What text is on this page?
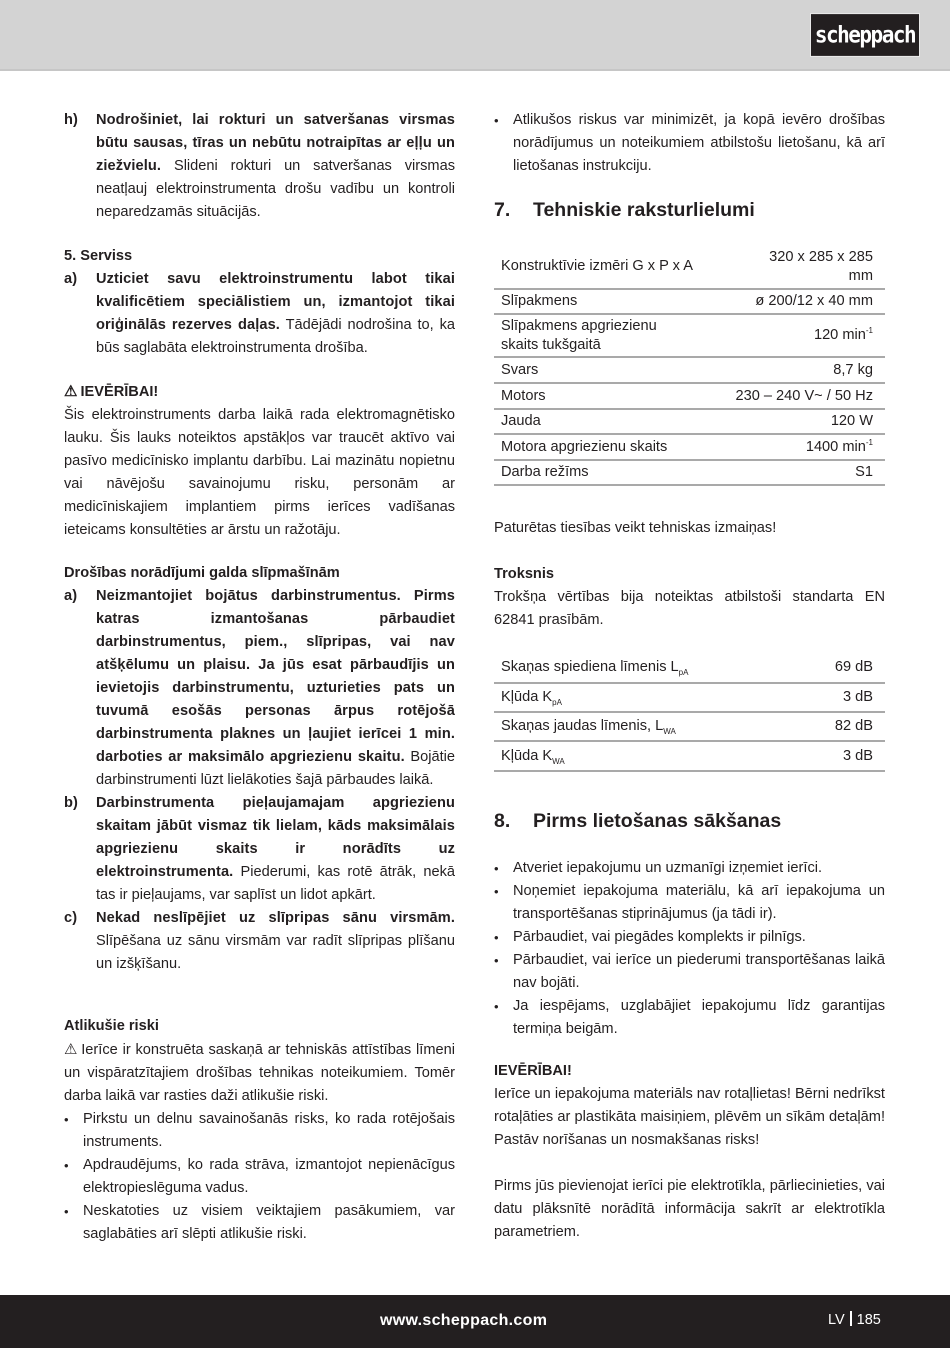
scheppach
h) Nodrošiniet, lai rokturi un satveršanas virsmas būtu sausas, tīras un nebūtu notraipītas ar eļļu un ziežvielu. Slideni rokturi un satveršanas virsmas neatļauj elektroinstrumenta drošu vadību un kontroli neparedzamās situācijās.
5. Serviss
a) Uzticiet savu elektroinstrumentu labot tikai kvalificētiem speciālistiem un, izmantojot tikai oriģinālās rezerves daļas. Tādējādi nodrošina to, ka būs saglabāta elektroinstrumenta drošība.
⚠ IEVĒRĪBAI!
Šis elektroinstruments darba laikā rada elektromagnētisko lauku. Šis lauks noteiktos apstākļos var traucēt aktīvo vai pasīvo medicīnisko implantu darbību. Lai mazinātu nopietnu vai nāvējošu savainojumu risku, personām ar medicīniskajiem implantiem pirms ierīces vadīšanas ieteicams konsultēties ar ārstu un ražotāju.
Drošības norādījumi galda slīpmašīnām
a) Neizmantojiet bojātus darbinstrumentus. Pirms katras izmantošanas pārbaudiet darbinstrumentus, piem., slīpripas, vai nav atšķēlumu un plaisu. Ja jūs esat pārbaudījis un ievietojis darbinstrumentu, uzturieties pats un tuvumā esošās personas ārpus rotējošā darbinstrumenta plaknes un ļaujiet ierīcei 1 min. darboties ar maksimālo apgriezienu skaitu. Bojātie darbinstrumenti lūzt lielākoties šajā pārbaudes laikā.
b) Darbinstrumenta pieļaujamajam apgriezienu skaitam jābūt vismaz tik lielam, kāds maksimālais apgriezienu skaits ir norādīts uz elektroinstrumenta. Piederumi, kas rotē ātrāk, nekā tas ir pieļaujams, var saplīst un lidot apkārt.
c) Nekad neslīpējiet uz slīpripas sānu virsmām. Slīpēšana uz sānu virsmām var radīt slīpripas plīšanu un izšķīšanu.
Atlikušie riski
⚠ Ierīce ir konstruēta saskaņā ar tehniskās attīstības līmeni un vispāratzītajiem drošības tehnikas noteikumiem. Tomēr darba laikā var rasties daži atlikušie riski.
• Pirkstu un delnu savainošanās risks, ko rada rotējošais instruments.
• Apdraudējums, ko rada strāva, izmantojot nepienācīgus elektropieslēguma vadus.
• Neskatoties uz visiem veiktajiem pasākumiem, var saglabāties arī slēpti atlikušie riski.
• Atlikušos riskus var minimizēt, ja kopā ievēro drošības norādījumus un noteikumiem atbilstošu lietošanu, kā arī lietošanas instrukciju.
7. Tehniskie raksturlielumi
Konstruktīvie izmēri G x P x A	320 x 285 x 285
mm
Slīpakmens	ø 200/12 x 40 mm
Slīpakmens apgriezienu
skaits tukšgaitā	120 $\min^{-1}$
Svars	8,7 kg
Motors	230 – 240 V~ / 50 Hz
Jauda	120 W
Motora apgriezienu skaits	1400 $\min^{-1}$
Darba režīms	S1
Paturētas tiesības veikt tehniskas izmaiņas!
Troksnis
Trokšņa vērtības bija noteiktas atbilstoši standarta EN 62841 prasībām.
Skaņas spiediena līmenis $L_{pA}$	69 dB
Kļūda $K_{pA}$	3 dB
Skaņas jaudas līmenis, $L_{WA}$	82 dB
Kļūda $K_{WA}$	3 dB
8. Pirms lietošanas sākšanas
• Atveriet iepakojumu un uzmanīgi izņemiet ierīci.
• Noņemiet iepakojuma materiālu, kā arī iepakojuma un transportēšanas stiprinājumus (ja tādi ir).
• Pārbaudiet, vai piegādes komplekts ir pilnīgs.
• Pārbaudiet, vai ierīce un piederumi transportēšanas laikā nav bojāti.
• Ja iespējams, uzglabājiet iepakojumu līdz garantijas termiņa beigām.
IEVĒRĪBAI!
Ierīce un iepakojuma materiāls nav rotaļlietas! Bērni nedrīkst rotaļāties ar plastikāta maisiņiem, plēvēm un sīkām detaļām! Pastāv norīšanas un nosmakšanas risks!
Pirms jūs pievienojat ierīci pie elektrotīkla, pārliecinieties, vai datu plāksnītē norādītā informācija sakrīt ar elektrotīkla parametriem.
www.scheppach.com	LV 185
